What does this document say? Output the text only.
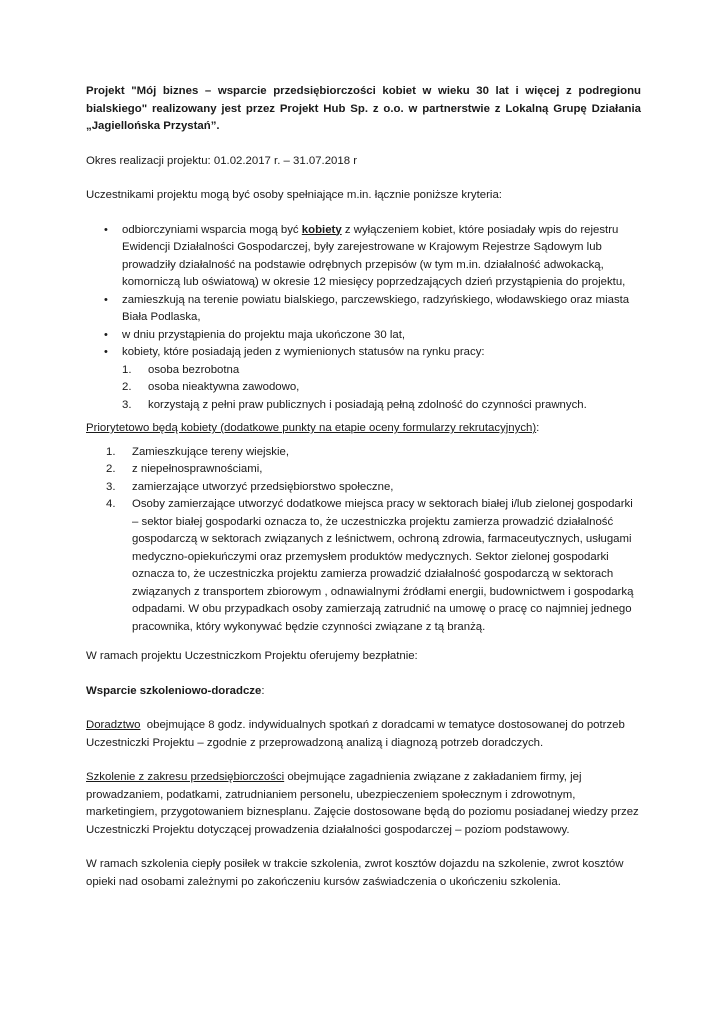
Projekt "Mój biznes – wsparcie przedsiębiorczości kobiet w wieku 30 lat i więcej z podregionu bialskiego" realizowany jest przez Projekt Hub Sp. z o.o. w partnerstwie z Lokalną Grupę Działania „Jagiellońska Przystań”.

Okres realizacji projektu: 01.02.2017 r. – 31.07.2018 r

Uczestnikami projektu mogą być osoby spełniające m.in. łącznie poniższe kryteria:

• odbiorczyniami wsparcia mogą być kobiety z wyłączeniem kobiet, które posiadały wpis do rejestru Ewidencji Działalności Gospodarczej, były zarejestrowane w Krajowym Rejestrze Sądowym lub prowadziły działalność na podstawie odrębnych przepisów (w tym m.in. działalność adwokacką, komorniczą lub oświatową) w okresie 12 miesięcy poprzedzających dzień przystąpienia do projektu,
• zamieszkują na terenie powiatu bialskiego, parczewskiego, radzyńskiego, włodawskiego oraz miasta Biała Podlaska,
• w dniu przystąpienia do projektu maja ukończone 30 lat,
• kobiety, które posiadają jeden z wymienionych statusów na rynku pracy:
1. osoba bezrobotna
2. osoba nieaktywna zawodowo,
3. korzystają z pełni praw publicznych i posiadają pełną zdolność do czynności prawnych.

Priorytetowo będą kobiety (dodatkowe punkty na etapie oceny formularzy rekrutacyjnych):

1. Zamieszkujące tereny wiejskie,
2. z niepełnosprawnościami,
3. zamierzające utworzyć przedsiębiorstwo społeczne,
4. Osoby zamierzające utworzyć dodatkowe miejsca pracy w sektorach białej i/lub zielonej gospodarki – sektor białej gospodarki oznacza to, że uczestniczka projektu zamierza prowadzić działalność gospodarczą w sektorach związanych z leśnictwem, ochroną zdrowia, farmaceutycznych, usługami medyczno-opiekuńczymi oraz przemysłem produktów medycznych. Sektor zielonej gospodarki oznacza to, że uczestniczka projektu zamierza prowadzić działalność gospodarczą w sektorach związanych z transportem zbiorowym , odnawialnymi źródłami energii, budownictwem i gospodarką odpadami. W obu przypadkach osoby zamierzają zatrudnić na umowę o pracę co najmniej jednego pracownika, który wykonywać będzie czynności związane z tą branżą.

W ramach projektu Uczestniczkom Projektu oferujemy bezpłatnie:

Wsparcie szkoleniowo-doradcze:

Doradztwo  obejmujące 8 godz. indywidualnych spotkań z doradcami w tematyce dostosowanej do potrzeb Uczestniczki Projektu – zgodnie z przeprowadzoną analizą i diagnozą potrzeb doradczych.

Szkolenie z zakresu przedsiębiorczości obejmujące zagadnienia związane z zakładaniem firmy, jej prowadzaniem, podatkami, zatrudnianiem personelu, ubezpieczeniem społecznym i zdrowotnym, marketingiem, przygotowaniem biznesplanu. Zajęcie dostosowane będą do poziomu posiadanej wiedzy przez Uczestniczki Projektu dotyczącej prowadzenia działalności gospodarczej – poziom podstawowy.

W ramach szkolenia ciepły posiłek w trakcie szkolenia, zwrot kosztów dojazdu na szkolenie, zwrot kosztów opieki nad osobami zależnymi po zakończeniu kursów zaświadczenia o ukończeniu szkolenia.
